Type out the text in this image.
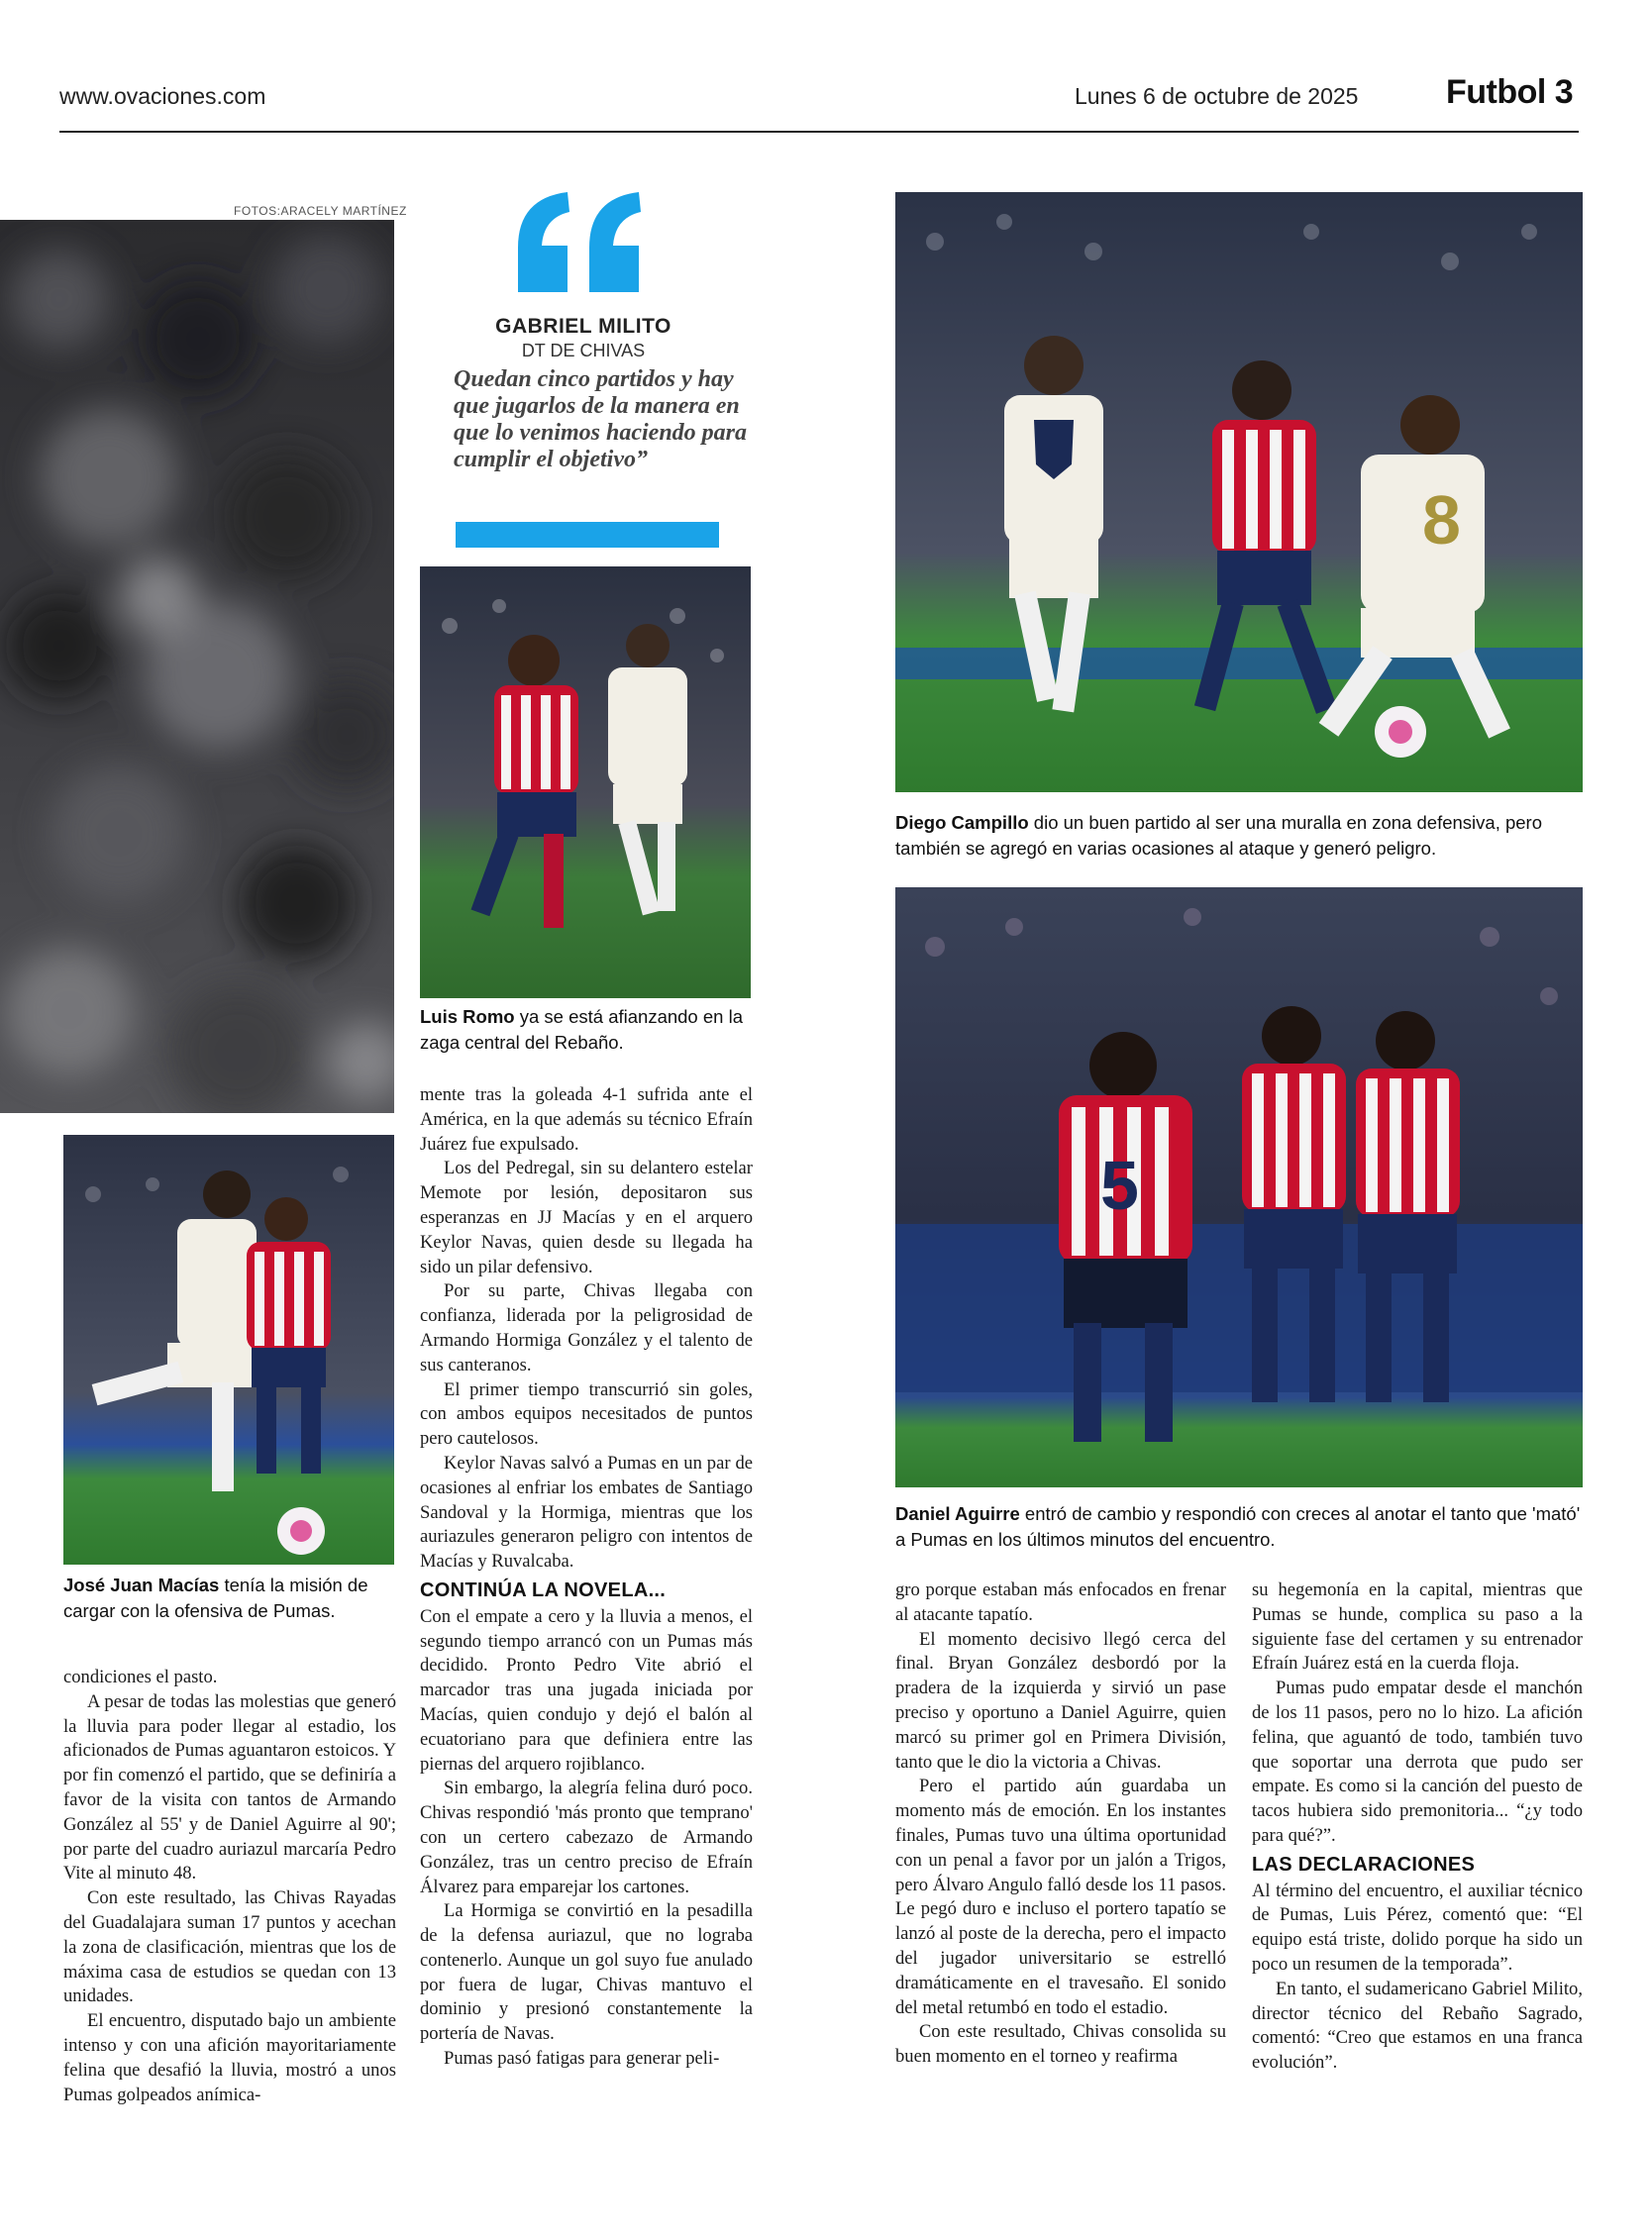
www.ovaciones.com	Lunes 6 de octubre de 2025	Futbol 3
FOTOS:ARACELY MARTÍNEZ
GABRIEL MILITO
DT DE CHIVAS
Quedan cinco partidos y hay que jugarlos de la manera en que lo venimos haciendo para cumplir el objetivo”
Luis Romo ya se está afianzando en la zaga central del Rebaño.
8
Diego Campillo dio un buen partido al ser una muralla en zona defensiva, pero también se agregó en varias ocasiones al ataque y generó peligro.
5
Daniel Aguirre entró de cambio y respondió con creces al anotar el tanto que 'mató' a Pumas en los últimos minutos del encuentro.
José Juan Macías tenía la misión de cargar con la ofensiva de Pumas.

condiciones el pasto.

A pesar de todas las molestias que generó la lluvia para poder llegar al estadio, los aficionados de Pumas aguantaron estoicos. Y por fin comenzó el partido, que se definiría a favor de la visita con tantos de Armando González al 55' y de Daniel Aguirre al 90'; por parte del cuadro auriazul marcaría Pedro Vite al minuto 48.

Con este resultado, las Chivas Rayadas del Guadalajara suman 17 puntos y acechan la zona de clasificación, mientras que los de máxima casa de estudios se quedan con 13 unidades.

El encuentro, disputado bajo un ambiente intenso y con una afición mayoritariamente felina que desafió la lluvia, mostró a unos Pumas golpeados anímica-

mente tras la goleada 4-1 sufrida ante el América, en la que además su técnico Efraín Juárez fue expulsado.

Los del Pedregal, sin su delantero estelar Memote por lesión, depositaron sus esperanzas en JJ Macías y en el arquero Keylor Navas, quien desde su llegada ha sido un pilar defensivo.

Por su parte, Chivas llegaba con confianza, liderada por la peligrosidad de Armando Hormiga González y el talento de sus canteranos.

El primer tiempo transcurrió sin goles, con ambos equipos necesitados de puntos pero cautelosos.

Keylor Navas salvó a Pumas en un par de ocasiones al enfriar los embates de Santiago Sandoval y la Hormiga, mientras que los auriazules generaron peligro con intentos de Macías y Ruvalcaba.

CONTINÚA LA NOVELA...

Con el empate a cero y la lluvia a menos, el segundo tiempo arrancó con un Pumas más decidido. Pronto Pedro Vite abrió el marcador tras una jugada iniciada por Macías, quien condujo y dejó el balón al ecuatoriano para que definiera entre las piernas del arquero rojiblanco.

Sin embargo, la alegría felina duró poco. Chivas respondió 'más pronto que temprano' con un certero cabezazo de Armando González, tras un centro preciso de Efraín Álvarez para emparejar los cartones.

La Hormiga se convirtió en la pesadilla de la defensa auriazul, que no lograba contenerlo. Aunque un gol suyo fue anulado por fuera de lugar, Chivas mantuvo el dominio y presionó constantemente la portería de Navas.

Pumas pasó fatigas para generar peli-

gro porque estaban más enfocados en frenar al atacante tapatío.

El momento decisivo llegó cerca del final. Bryan González desbordó por la pradera de la izquierda y sirvió un pase preciso y oportuno a Daniel Aguirre, quien marcó su primer gol en Primera División, tanto que le dio la victoria a Chivas.

Pero el partido aún guardaba un momento más de emoción. En los instantes finales, Pumas tuvo una última oportunidad con un penal a favor por un jalón a Trigos, pero Álvaro Angulo falló desde los 11 pasos. Le pegó duro e incluso el portero tapatío se lanzó al poste de la derecha, pero el impacto del jugador universitario se estrelló dramáticamente en el travesaño. El sonido del metal retumbó en todo el estadio.

Con este resultado, Chivas consolida su buen momento en el torneo y reafirma

su hegemonía en la capital, mientras que Pumas se hunde, complica su paso a la siguiente fase del certamen y su entrenador Efraín Juárez está en la cuerda floja.

Pumas pudo empatar desde el manchón de los 11 pasos, pero no lo hizo. La afición felina, que aguantó de todo, también tuvo que soportar una derrota que pudo ser empate. Es como si la canción del puesto de tacos hubiera sido premonitoria... “¿y todo para qué?”.

LAS DECLARACIONES

Al término del encuentro, el auxiliar técnico de Pumas, Luis Pérez, comentó que: “El equipo está triste, dolido porque ha sido un poco un resumen de la temporada”.

En tanto, el sudamericano Gabriel Milito, director técnico del Rebaño Sagrado, comentó: “Creo que estamos en una franca evolución”.
